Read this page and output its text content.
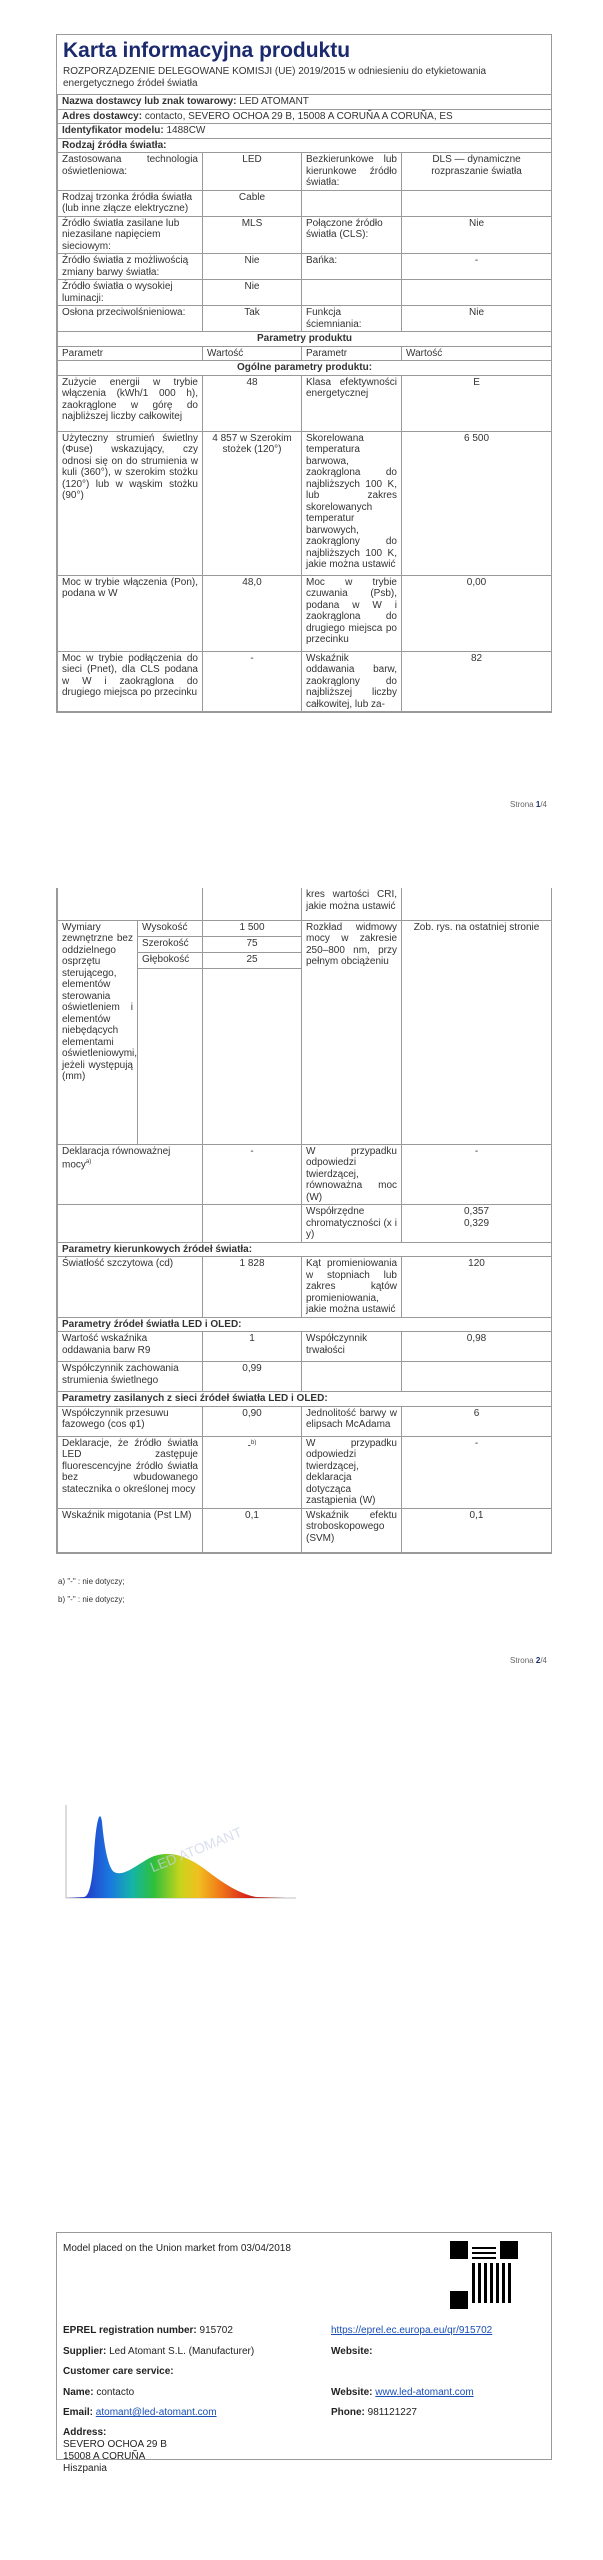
Karta informacyjna produktu
ROZPORZĄDZENIE DELEGOWANE KOMISJI (UE) 2019/2015 w odniesieniu do etykietowania energetycznego źródeł światła
Nazwa dostawcy lub znak towarowy: LED ATOMANT			
Adres dostawcy: contacto, SEVERO OCHOA 29 B, 15008 A CORUÑA A CORUÑA, ES			
Identyfikator modelu: 1488CW			
Rodzaj źródła światła:			
Zastosowana technologia oświetleniowa:	LED	Bezkierunkowe lub kierunkowe źródło światła:	DLS — dynamiczne rozpraszanie światła
Rodzaj trzonka źródła światła (lub inne złącze elektryczne)	Cable		
Źródło światła zasilane lub niezasilane napięciem sieciowym:	MLS	Połączone źródło światła (CLS):	Nie
Źródło światła z możliwością zmiany barwy światła:	Nie	Bańka:	-
Źródło światła o wysokiej luminacji:	Nie		
Osłona przeciwolśnieniowa:	Tak	Funkcja ściemniania:	Nie
Parametry produktu			
Parametr	Wartość	Parametr	Wartość
Ogólne parametry produktu:			
Zużycie energii w trybie włączenia (kWh/1 000 h), zaokrąglone w górę do najbliższej liczby całkowitej	48	Klasa efektywności energetycznej	E
Użyteczny strumień świetlny (Φuse) wskazujący, czy odnosi się on do strumienia w kuli (360°), w szerokim stożku (120°) lub w wąskim stożku (90°)	4 857 w Szerokim stożek (120°)	Skorelowana temperatura barwowa, zaokrąglona do najbliższych 100 K, lub zakres skorelowanych temperatur barwowych, zaokrąglony do najbliższych 100 K, jakie można ustawić	6 500
Moc w trybie włączenia (Pon), podana w W	48,0	Moc w trybie czuwania (Psb), podana w W i zaokrąglona do drugiego miejsca po przecinku	0,00
Moc w trybie podłączenia do sieci (Pnet), dla CLS podana w W i zaokrąglona do drugiego miejsca po przecinku	-	Wskaźnik oddawania barw, zaokrąglony do najbliższej liczby całkowitej, lub za-	82
Strona 1/4
			kres wartości CRI, jakie można ustawić	
Wymiary zewnętrzne bez oddzielnego osprzętu sterującego, elementów sterowania oświetleniem i elementów niebędących elementami oświetleniowymi, jeżeli występują (mm)	Wysokość	1 500	Rozkład widmowy mocy w zakresie 250–800 nm, przy pełnym obciążeniu	Zob. rys. na ostatniej stronie
	Szerokość	75		
	Głębokość	25		

Deklaracja równoważnej mocy$^{a)}$		-	W przypadku odpowiedzi twierdzącej, równoważna moc (W)	-
			Współrzędne chromatyczności (x i y)	0,357
0,329

Parametry kierunkowych źródeł światła:				
Światłość szczytowa (cd)		1 828	Kąt promieniowania w stopniach lub zakres kątów promieniowania, jakie można ustawić	120
Parametry źródeł światła LED i OLED:				
Wartość wskaźnika oddawania barw R9		1	Współczynnik trwałości	0,98
Współczynnik zachowania strumienia świetlnego		0,99		
Parametry zasilanych z sieci źródeł światła LED i OLED:				
Współczynnik przesuwu fazowego (cos φ1)		0,90	Jednolitość barwy w elipsach McAdama	6
Deklaracje, że źródło światła LED zastępuje fluorescencyjne źródło światła bez wbudowanego statecznika o określonej mocy		-$^{b)}$	W przypadku odpowiedzi twierdzącej, deklaracja dotycząca zastąpienia (W)	-
Wskaźnik migotania (Pst LM)		0,1	Wskaźnik efektu stroboskopowego (SVM)	0,1
a) "-" : nie dotyczy;
b) "-" : nie dotyczy;
Strona 2/4
LED ATOMANT
Model placed on the Union market from 03/04/2018
EPREL registration number: 915702	https://eprel.ec.europa.eu/qr/915702
Supplier: Led Atomant S.L. (Manufacturer)	Website:
Customer care service:
Name: contacto	Website: www.led-atomant.com
Email: atomant@led-atomant.com	Phone: 981121227
Address:
SEVERO OCHOA 29 B
15008 A CORUÑA
Hiszpania
